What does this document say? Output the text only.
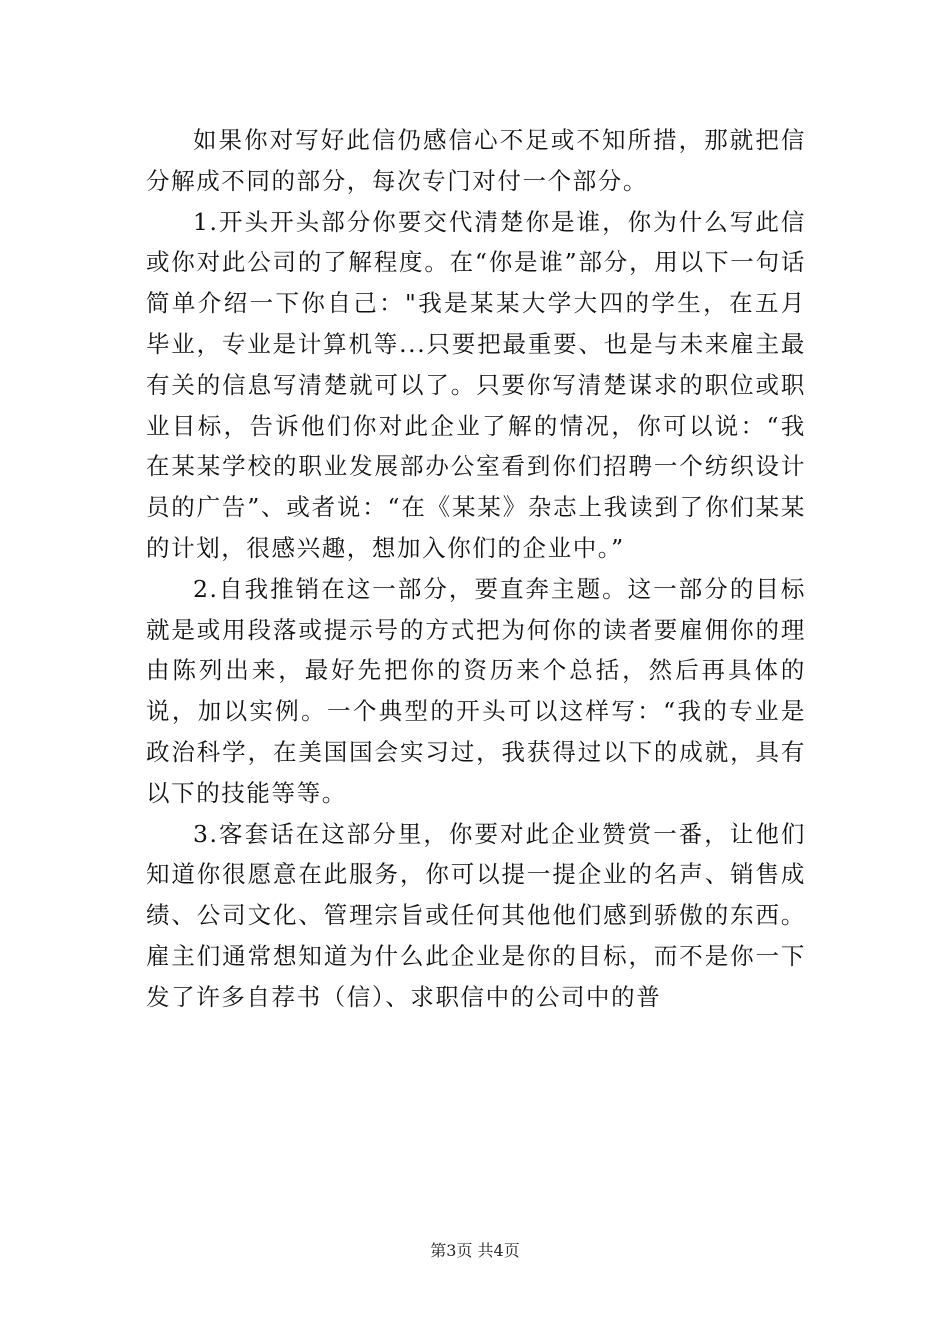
如果你对写好此信仍感信心不足或不知所措，那就把信分解成不同的部分，每次专门对付一个部分。

1.开头开头部分你要交代清楚你是谁，你为什么写此信或你对此公司的了解程度。在“你是谁”部分，用以下一句话简单介绍一下你自己："我是某某大学大四的学生，在五月毕业，专业是计算机等...只要把最重要、也是与未来雇主最有关的信息写清楚就可以了。只要你写清楚谋求的职位或职业目标，告诉他们你对此企业了解的情况，你可以说：“我在某某学校的职业发展部办公室看到你们招聘一个纺织设计员的广告”、或者说：“在《某某》杂志上我读到了你们某某的计划，很感兴趣，想加入你们的企业中。”

2.自我推销在这一部分，要直奔主题。这一部分的目标就是或用段落或提示号的方式把为何你的读者要雇佣你的理由陈列出来，最好先把你的资历来个总括，然后再具体的说，加以实例。一个典型的开头可以这样写：“我的专业是政治科学，在美国国会实习过，我获得过以下的成就，具有以下的技能等等。

3.客套话在这部分里，你要对此企业赞赏一番，让他们知道你很愿意在此服务，你可以提一提企业的名声、销售成绩、公司文化、管理宗旨或任何其他他们感到骄傲的东西。雇主们通常想知道为什么此企业是你的目标，而不是你一下发了许多自荐书（信）、求职信中的公司中的普

第3页 共4页
